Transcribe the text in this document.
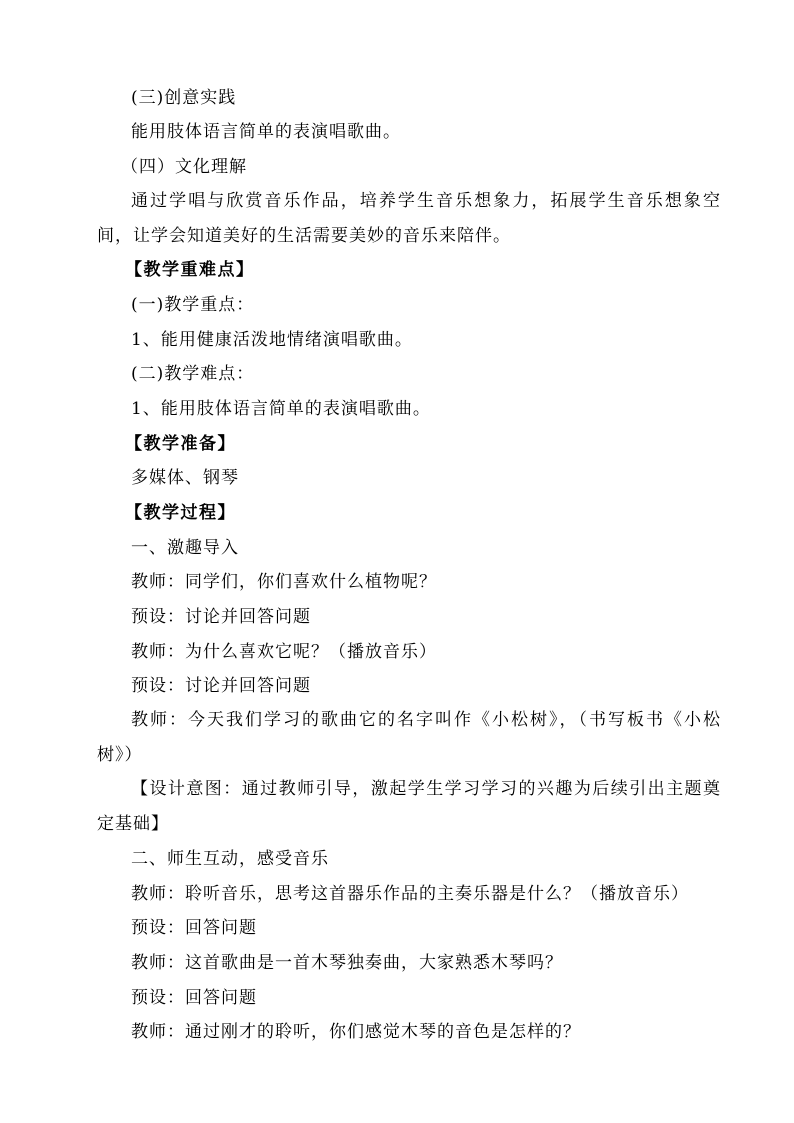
(三)创意实践
能用肢体语言简单的表演唱歌曲。
（四）文化理解
通过学唱与欣赏音乐作品，培养学生音乐想象力，拓展学生音乐想象空间，让学会知道美好的生活需要美妙的音乐来陪伴。
【教学重难点】
(一)教学重点：
1、能用健康活泼地情绪演唱歌曲。
(二)教学难点：
1、能用肢体语言简单的表演唱歌曲。
【教学准备】
多媒体、钢琴
【教学过程】
一、激趣导入
教师：同学们，你们喜欢什么植物呢？
预设：讨论并回答问题
教师：为什么喜欢它呢？（播放音乐）
预设：讨论并回答问题
教师：今天我们学习的歌曲它的名字叫作《小松树》，（书写板书《小松树》）
【设计意图：通过教师引导，激起学生学习学习的兴趣为后续引出主题奠定基础】
二、师生互动，感受音乐
教师：聆听音乐，思考这首器乐作品的主奏乐器是什么？（播放音乐）
预设：回答问题
教师：这首歌曲是一首木琴独奏曲，大家熟悉木琴吗？
预设：回答问题
教师：通过刚才的聆听，你们感觉木琴的音色是怎样的？
